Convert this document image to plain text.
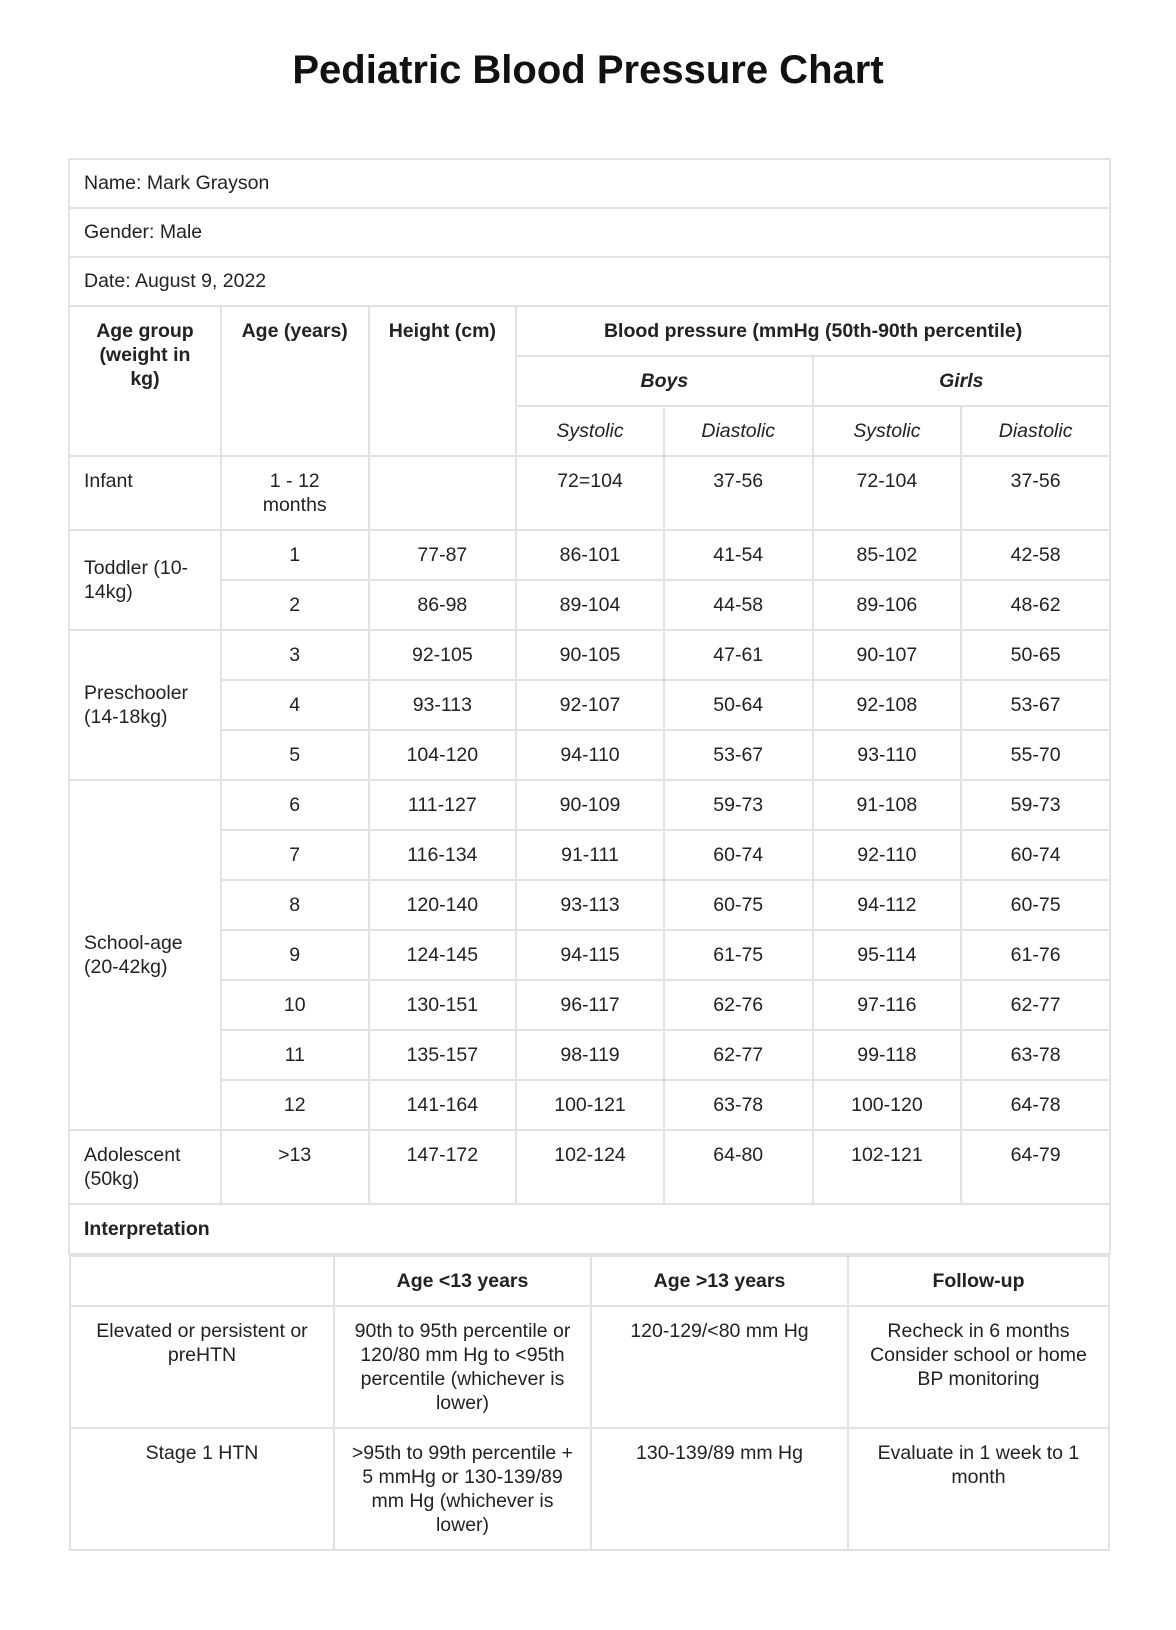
Pediatric Blood Pressure Chart
Name: Mark Grayson
Gender: Male
Date: August 9, 2022
Age group (weight in kg)	Age (years)	Height (cm)	Blood pressure (mmHg (50th-90th percentile)
Boys	Girls
Systolic	Diastolic	Systolic	Diastolic
Infant	1 - 12 months		72=104	37-56	72-104	37-56
Toddler (10-14kg)	1	77-87	86-101	41-54	85-102	42-58
2	86-98	89-104	44-58	89-106	48-62
Preschooler (14-18kg)	3	92-105	90-105	47-61	90-107	50-65
4	93-113	92-107	50-64	92-108	53-67
5	104-120	94-110	53-67	93-110	55-70
School-age (20-42kg)	6	111-127	90-109	59-73	91-108	59-73
7	116-134	91-111	60-74	92-110	60-74
8	120-140	93-113	60-75	94-112	60-75
9	124-145	94-115	61-75	95-114	61-76
10	130-151	96-117	62-76	97-116	62-77
11	135-157	98-119	62-77	99-118	63-78
12	141-164	100-121	63-78	100-120	64-78
Adolescent (50kg)	>13	147-172	102-124	64-80	102-121	64-79
Interpretation

	Age <13 years	Age >13 years	Follow-up
Elevated or persistent or preHTN	90th to 95th percentile or 120/80 mm Hg to <95th percentile (whichever is lower)	120-129/<80 mm Hg	Recheck in 6 months Consider school or home BP monitoring
Stage 1 HTN	>95th to 99th percentile + 5 mmHg or 130-139/89 mm Hg (whichever is lower)	130-139/89 mm Hg	Evaluate in 1 week to 1 month
